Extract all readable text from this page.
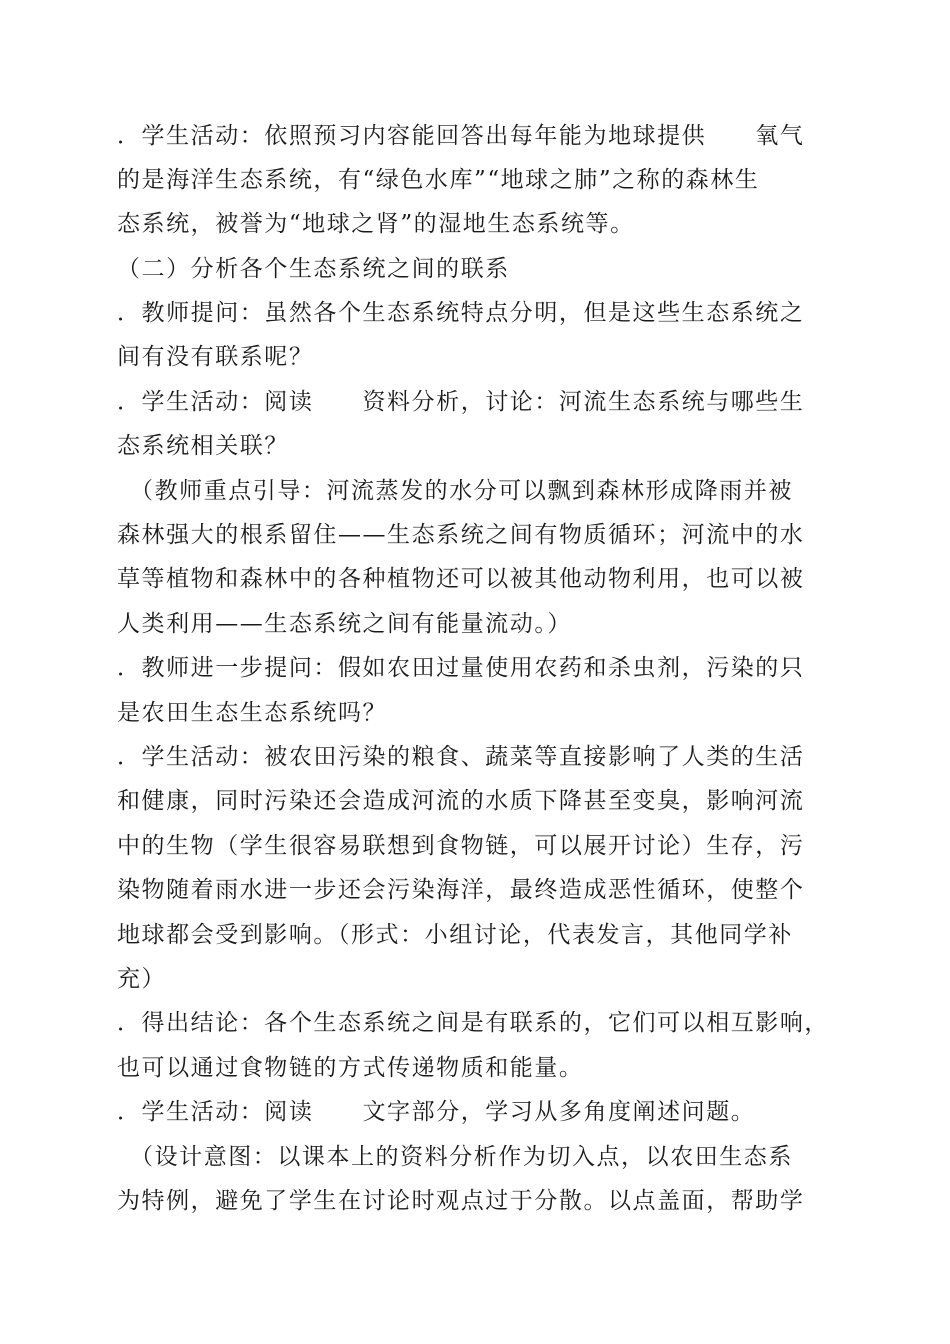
．学生活动：依照预习内容能回答出每年能为地球提供　　氧气
的是海洋生态系统，有“绿色水库”“地球之肺”之称的森林生
态系统，被誉为“地球之肾”的湿地生态系统等。
（二）分析各个生态系统之间的联系
．教师提问：虽然各个生态系统特点分明，但是这些生态系统之
间有没有联系呢？
．学生活动：阅读　　资料分析，讨论：河流生态系统与哪些生
态系统相关联？
　（教师重点引导：河流蒸发的水分可以飘到森林形成降雨并被
森林强大的根系留住——生态系统之间有物质循环；河流中的水
草等植物和森林中的各种植物还可以被其他动物利用，也可以被
人类利用——生态系统之间有能量流动。）
．教师进一步提问：假如农田过量使用农药和杀虫剂，污染的只
是农田生态生态系统吗？
．学生活动：被农田污染的粮食、蔬菜等直接影响了人类的生活
和健康，同时污染还会造成河流的水质下降甚至变臭，影响河流
中的生物（学生很容易联想到食物链，可以展开讨论）生存，污
染物随着雨水进一步还会污染海洋，最终造成恶性循环，使整个
地球都会受到影响。（形式：小组讨论，代表发言，其他同学补
充）
．得出结论：各个生态系统之间是有联系的，它们可以相互影响，
也可以通过食物链的方式传递物质和能量。
．学生活动：阅读　　文字部分，学习从多角度阐述问题。
　（设计意图：以课本上的资料分析作为切入点，以农田生态系
为特例，避免了学生在讨论时观点过于分散。以点盖面，帮助学
